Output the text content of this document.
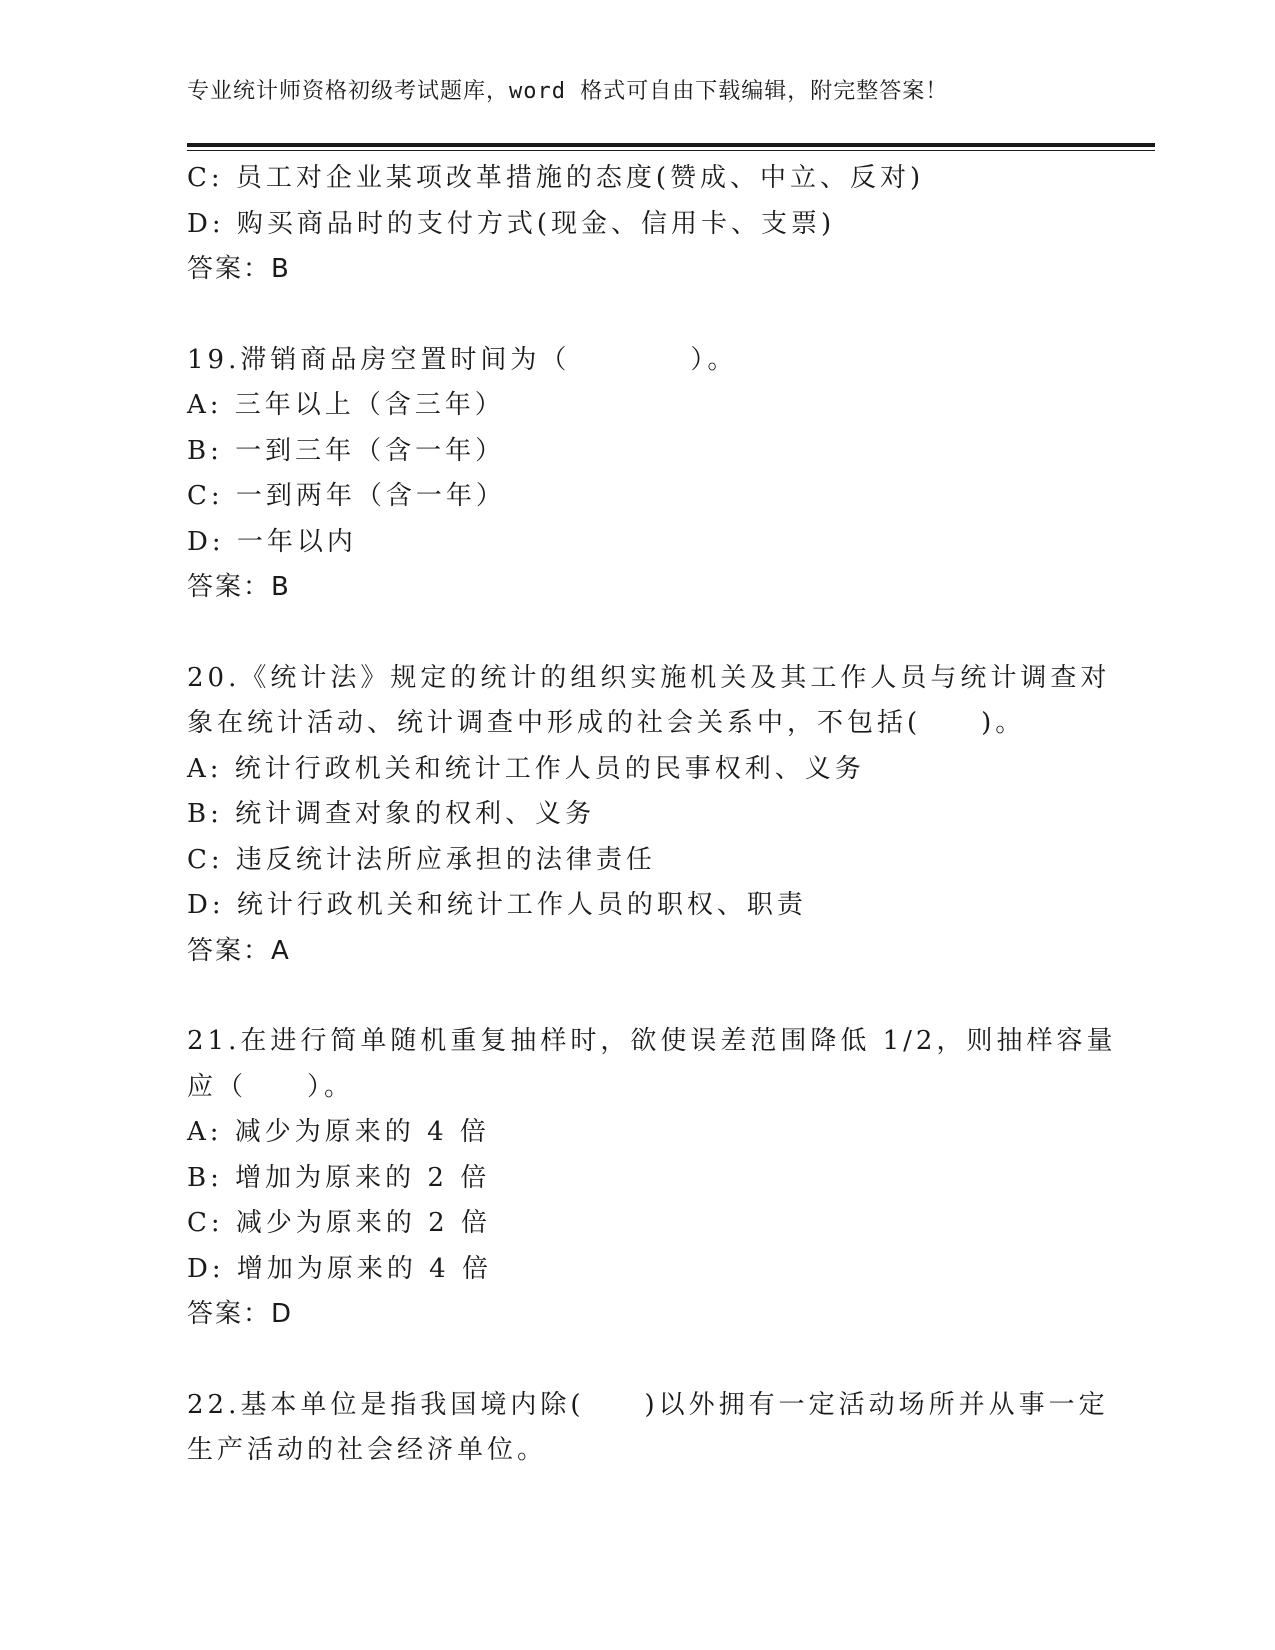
专业统计师资格初级考试题库，word 格式可自由下载编辑，附完整答案！
C: 员工对企业某项改革措施的态度(赞成、中立、反对)
D: 购买商品时的支付方式(现金、信用卡、支票)
答案：B
19.滞销商品房空置时间为（　　　　）。
A: 三年以上（含三年）
B: 一到三年（含一年）
C: 一到两年（含一年）
D: 一年以内
答案：B
20.《统计法》规定的统计的组织实施机关及其工作人员与统计调查对
象在统计活动、统计调查中形成的社会关系中，不包括(　　)。
A: 统计行政机关和统计工作人员的民事权利、义务
B: 统计调查对象的权利、义务
C: 违反统计法所应承担的法律责任
D: 统计行政机关和统计工作人员的职权、职责
答案：A
21.在进行简单随机重复抽样时，欲使误差范围降低 1/2，则抽样容量
应（　　）。
A: 减少为原来的 4 倍
B: 增加为原来的 2 倍
C: 减少为原来的 2 倍
D: 增加为原来的 4 倍
答案：D
22.基本单位是指我国境内除(　　)以外拥有一定活动场所并从事一定
生产活动的社会经济单位。
